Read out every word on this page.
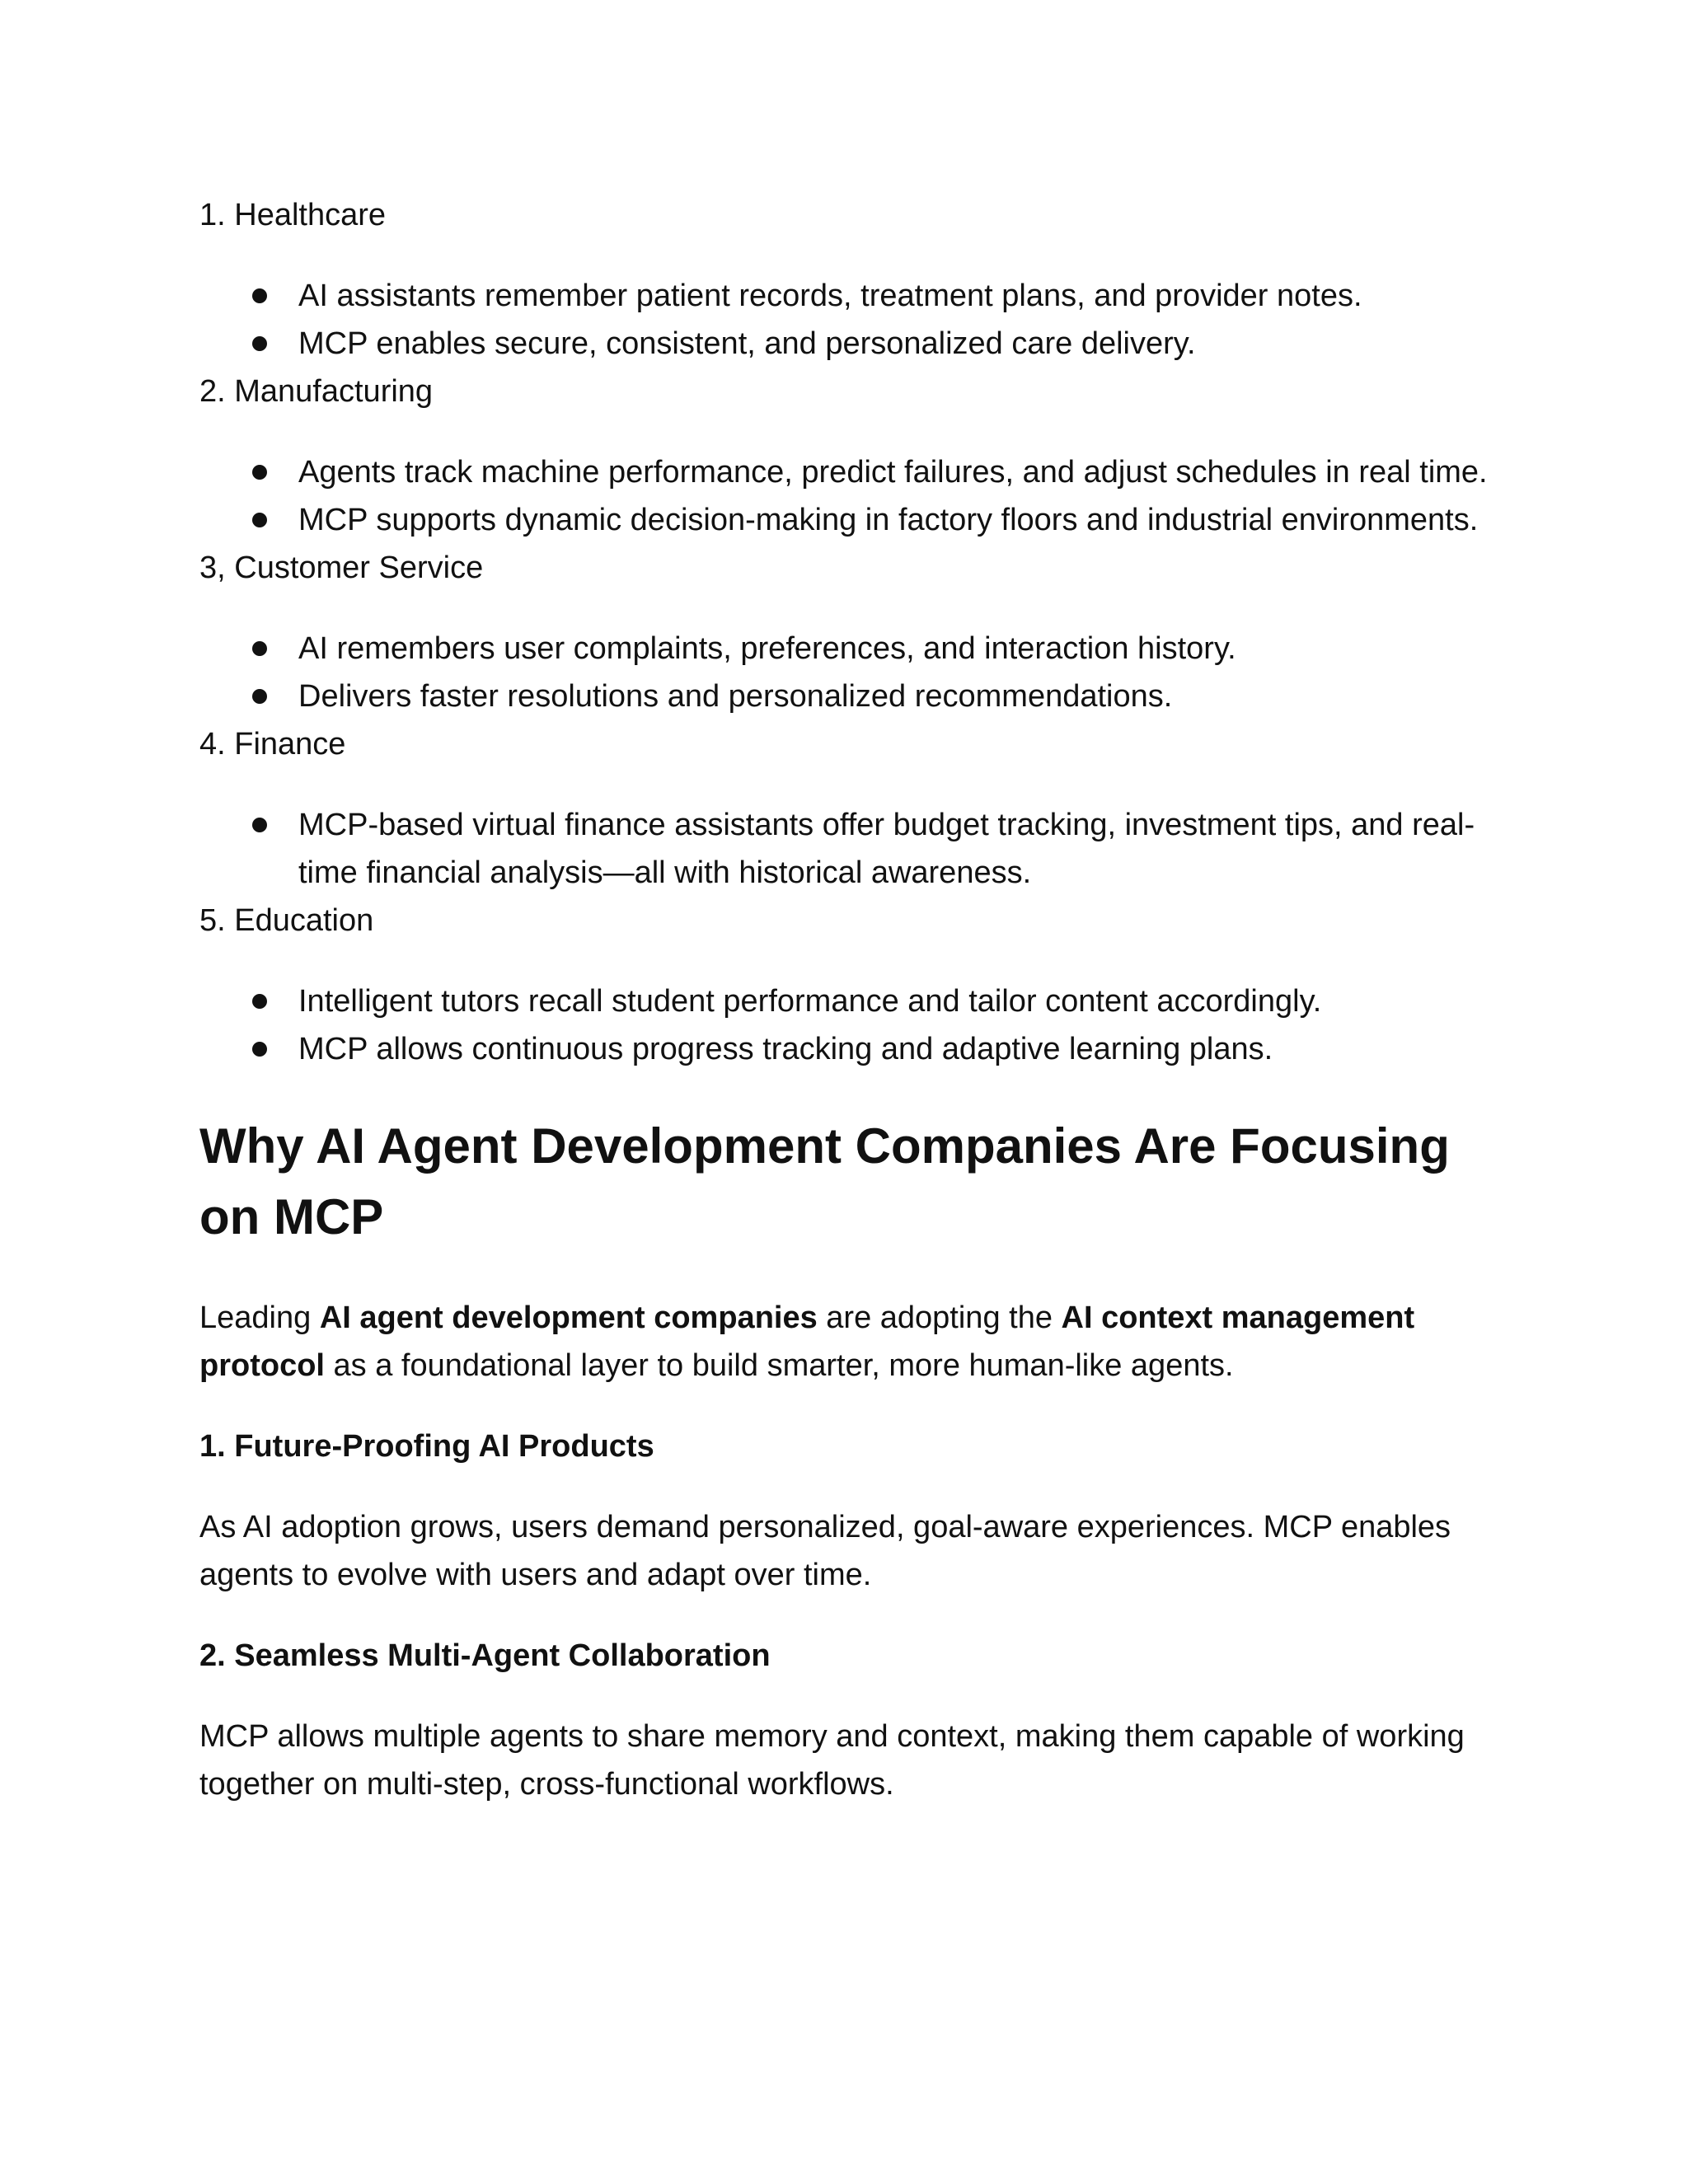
1. Healthcare

AI assistants remember patient records, treatment plans, and provider notes.
MCP enables secure, consistent, and personalized care delivery.

2. Manufacturing

Agents track machine performance, predict failures, and adjust schedules in real time.
MCP supports dynamic decision-making in factory floors and industrial environments.

3, Customer Service

AI remembers user complaints, preferences, and interaction history.
Delivers faster resolutions and personalized recommendations.

4. Finance

MCP-based virtual finance assistants offer budget tracking, investment tips, and real-time financial analysis—all with historical awareness.

5. Education

Intelligent tutors recall student performance and tailor content accordingly.
MCP allows continuous progress tracking and adaptive learning plans.
Why AI Agent Development Companies Are Focusing on MCP

Leading AI agent development companies are adopting the AI context management protocol as a foundational layer to build smarter, more human-like agents.

1. Future-Proofing AI Products

As AI adoption grows, users demand personalized, goal-aware experiences. MCP enables agents to evolve with users and adapt over time.

2. Seamless Multi-Agent Collaboration

MCP allows multiple agents to share memory and context, making them capable of working together on multi-step, cross-functional workflows.
